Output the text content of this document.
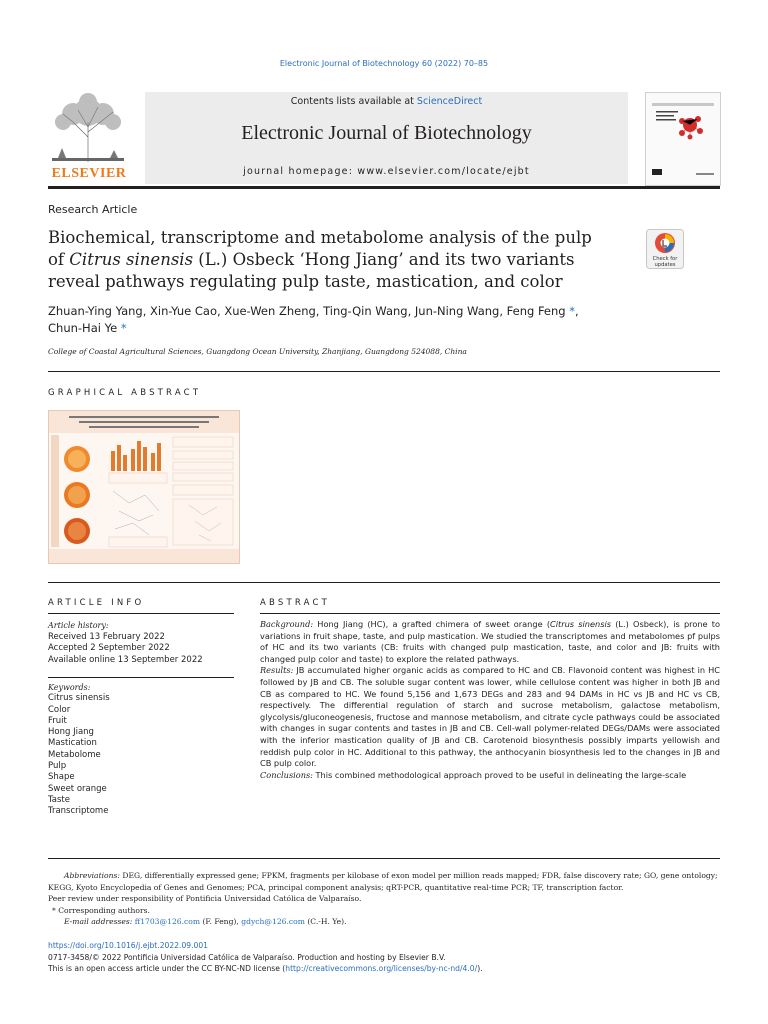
Electronic Journal of Biotechnology 60 (2022) 70–85
ELSEVIER
Contents lists available at ScienceDirect
Electronic Journal of Biotechnology
journal homepage: www.elsevier.com/locate/ejbt
Research Article
Biochemical, transcriptome and metabolome analysis of the pulp of Citrus sinensis (L.) Osbeck ‘Hong Jiang’ and its two variants reveal pathways regulating pulp taste, mastication, and color
Check for
updates
Zhuan-Ying Yang, Xin-Yue Cao, Xue-Wen Zheng, Ting-Qin Wang, Jun-Ning Wang, Feng Feng *,
Chun-Hai Ye *
College of Coastal Agricultural Sciences, Guangdong Ocean University, Zhanjiang, Guangdong 524088, China
GRAPHICAL ABSTRACT
ARTICLE INFO
Article history:
Received 13 February 2022
Accepted 2 September 2022
Available online 13 September 2022
Keywords:
Citrus sinensis
Color
Fruit
Hong Jiang
Mastication
Metabolome
Pulp
Shape
Sweet orange
Taste
Transcriptome
ABSTRACT

Background: Hong Jiang (HC), a grafted chimera of sweet orange (Citrus sinensis (L.) Osbeck), is prone to variations in fruit shape, taste, and pulp mastication. We studied the transcriptomes and metabolomes pf pulps of HC and its two variants (CB: fruits with changed pulp mastication, taste, and color and JB: fruits with changed pulp color and taste) to explore the related pathways.

Results: JB accumulated higher organic acids as compared to HC and CB. Flavonoid content was highest in HC followed by JB and CB. The soluble sugar content was lower, while cellulose content was higher in both JB and CB as compared to HC. We found 5,156 and 1,673 DEGs and 283 and 94 DAMs in HC vs JB and HC vs CB, respectively. The differential regulation of starch and sucrose metabolism, galactose metabolism, glycolysis/gluconeogenesis, fructose and mannose metabolism, and citrate cycle pathways could be associated with changes in sugar contents and tastes in JB and CB. Cell-wall polymer-related DEGs/DAMs were associated with the inferior mastication quality of JB and CB. Carotenoid biosynthesis possibly imparts yellowish and reddish pulp color in HC. Additional to this pathway, the anthocyanin biosynthesis led to the changes in JB and CB pulp color.

Conclusions: This combined methodological approach proved to be useful in delineating the large-scale

Abbreviations: DEG, differentially expressed gene; FPKM, fragments per kilobase of exon model per million reads mapped; FDR, false discovery rate; GO, gene ontology; KEGG, Kyoto Encyclopedia of Genes and Genomes; PCA, principal component analysis; qRT-PCR, quantitative real-time PCR; TF, transcription factor.

Peer review under responsibility of Pontificia Universidad Católica de Valparaíso.

* Corresponding authors.

E-mail addresses: ff1703@126.com (F. Feng), gdych@126.com (C.-H. Ye).

https://doi.org/10.1016/j.ejbt.2022.09.001

0717-3458/© 2022 Pontificia Universidad Católica de Valparaíso. Production and hosting by Elsevier B.V.

This is an open access article under the CC BY-NC-ND license (http://creativecommons.org/licenses/by-nc-nd/4.0/).
